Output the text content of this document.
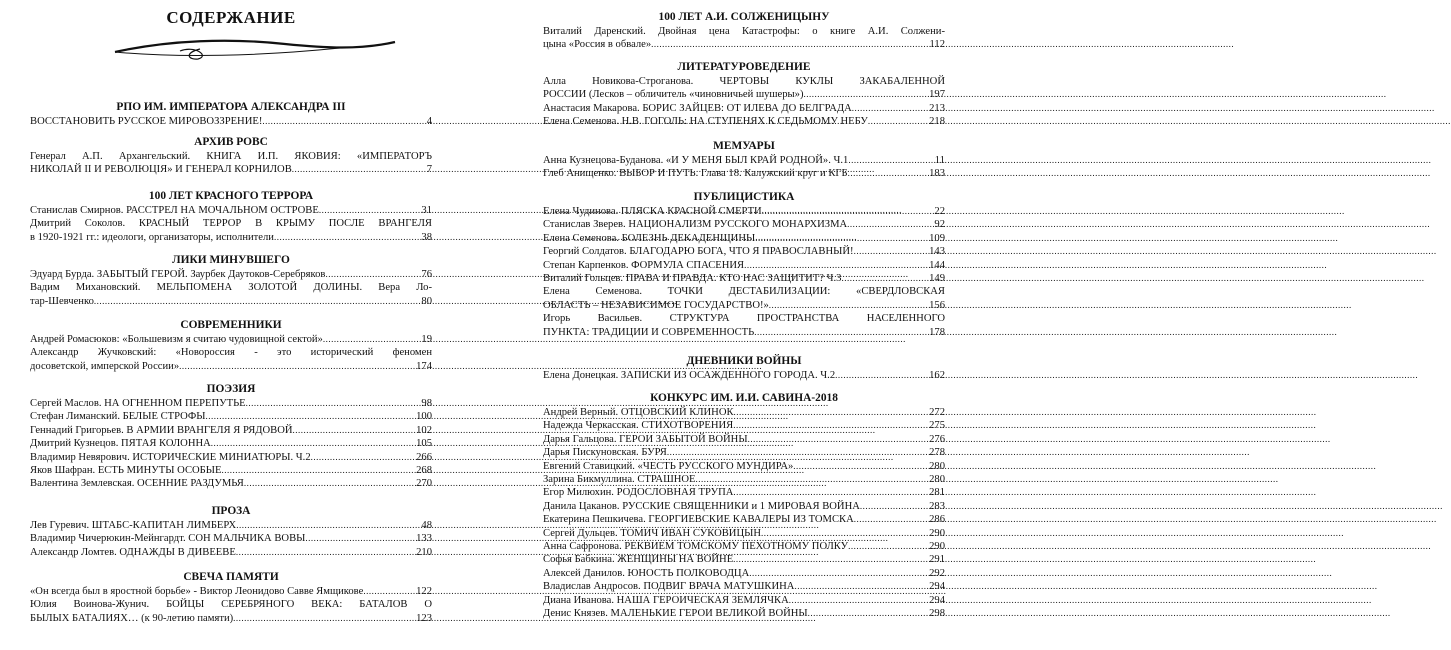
СОДЕРЖАНИЕ
РПО ИМ. ИМПЕРАТОРА АЛЕКСАНДРА III
ВОССТАНОВИТЬ РУССКОЕ МИРОВОЗЗРЕНИЕ! .....	4
АРХИВ РОВС
Генерал А.П. Архангельский. КНИГА И.П. ЯКОВИЯ: «ИМПЕРАТОРЪ
НИКОЛАЙ II И РЕВОЛЮЦІЯ» И ГЕНЕРАЛ КОРНИЛОВ .....	7
100 ЛЕТ КРАСНОГО ТЕРРОРА
Станислав Смирнов. РАССТРЕЛ НА МОЧАЛЬНОМ ОСТРОВЕ .....	31
Дмитрий Соколов. КРАСНЫЙ ТЕРРОР В КРЫМУ ПОСЛЕ ВРАНГЕЛЯ
в 1920-1921 гг.: идеологи, организаторы, исполнители .....	38
ЛИКИ МИНУВШЕГО
Эдуард Бурда. ЗАБЫТЫЙ ГЕРОЙ. Заурбек Даутоков-Серебряков .....	76
Вадим Михановский. МЕЛЬПОМЕНА ЗОЛОТОЙ ДОЛИНЫ. Вера Ло-
тар-Шевченко .....	80
СОВРЕМЕННИКИ
Андрей Ромасюков: «Большевизм я считаю чудовищной сектой» .....	19
Александр Жучковский: «Новороссия - это исторический феномен
досоветской, имперской России» .....	174
ПОЭЗИЯ
Сергей Маслов. НА ОГНЕННОМ ПЕРЕПУТЬЕ .....	98
Стефан Лиманский. БЕЛЫЕ СТРОФЫ .....	100
Геннадий Григорьев. В АРМИИ ВРАНГЕЛЯ Я РЯДОВОЙ .....	102
Дмитрий Кузнецов. ПЯТАЯ КОЛОННА .....	105
Владимир Невярович. ИСТОРИЧЕСКИЕ МИНИАТЮРЫ. Ч.2 .....	266
Яков Шафран. ЕСТЬ МИНУТЫ ОСОБЫЕ .....	268
Валентина Землевская. ОСЕННИЕ РАЗДУМЬЯ .....	270
ПРОЗА
Лев Гуревич. ШТАБС-КАПИТАН ЛИМБЕРХ .....	48
Владимир Чичерюкин-Мейнгардт. СОН МАЛЬЧИКА ВОВЫ .....	133
Александр Ломтев. ОДНАЖДЫ В ДИВЕЕВЕ .....	210
СВЕЧА ПАМЯТИ
«Он всегда был в яростной борьбе» - Виктор Леонидово Савве Ямщикове .....	122
Юлия Воинова-Жунич. БОЙЦЫ СЕРЕБРЯНОГО ВЕКА: БАТАЛОВ О
БЫЛЫХ БАТАЛИЯХ… (к 90-летию памяти) .....	123
100 ЛЕТ А.И. СОЛЖЕНИЦЫНУ
Виталий Даренский. Двойная цена Катастрофы: о книге А.И. Солжени-
цына «Россия в обвале» .....	112
ЛИТЕРАТУРОВЕДЕНИЕ
Алла Новикова-Строганова. ЧЕРТОВЫ КУКЛЫ ЗАКАБАЛЕННОЙ
РОССИИ (Лесков – обличитель «чиновничьей шушеры») .....	197
Анастасия Макарова. БОРИС ЗАЙЦЕВ: ОТ ИЛЕВА ДО БЕЛГРАДА .....	213
Елена Семенова. Н.В. ГОГОЛЬ: НА СТУПЕНЯХ К СЕДЬМОМУ НЕБУ .....	218
МЕМУАРЫ
Анна Кузнецова-Буданова. «И У МЕНЯ БЫЛ КРАЙ РОДНОЙ». Ч.1 .....	11
Глеб Анищенко. ВЫБОР И ПУТЬ. Глава 18. Калужский круг и КГБ .....	183
ПУБЛИЦИСТИКА
Елена Чудинова. ПЛЯСКА КРАСНОЙ СМЕРТИ .....	22
Станислав Зверев. НАЦИОНАЛИЗМ РУССКОГО МОНАРХИЗМА .....	92
Елена Семенова. БОЛЕЗНЬ ДЕКАДЕНЩИНЫ .....	109
Георгий Солдатов. БЛАГОДАРЮ БОГА, ЧТО Я ПРАВОСЛАВНЫЙ! .....	143
Степан Карпенков. ФОРМУЛА СПАСЕНИЯ .....	144
Виталий Гольцев. ПРАВА И ПРАВДА. КТО НАС ЗАЩИТИТ? Ч.3 .....	149
Елена Семенова. ТОЧКИ ДЕСТАБИЛИЗАЦИИ: «СВЕРДЛОВСКАЯ
ОБЛАСТЬ – НЕЗАВИСИМОЕ ГОСУДАРСТВО!» .....	156
Игорь Васильев. СТРУКТУРА ПРОСТРАНСТВА НАСЕЛЕННОГО
ПУНКТА: ТРАДИЦИИ И СОВРЕМЕННОСТЬ .....	178
ДНЕВНИКИ ВОЙНЫ
Елена Донецкая. ЗАПИСКИ ИЗ ОСАЖДЕННОГО ГОРОДА. Ч.2 .....	162
КОНКУРС ИМ. И.И. САВИНА-2018
Андрей Верный. ОТЦОВСКИЙ КЛИНОК .....	272
Надежда Черкасская. СТИХОТВОРЕНИЯ .....	275
Дарья Гальцова. ГЕРОИ ЗАБЫТОЙ ВОЙНЫ .....	276
Дарья Пискуновская. БУРЯ .....	278
Евгений Ставицкий. «ЧЕСТЬ РУССКОГО МУНДИРА» .....	280
Зарина Бикмуллина. СТРАШНОЕ .....	280
Егор Милюхин. РОДОСЛОВНАЯ ТРУПА .....	281
Данила Цаканов. РУССКИЕ СВЯЩЕННИКИ и 1 МИРОВАЯ ВОЙНА .....	283
Екатерина Пешкичева. ГЕОРГИЕВСКИЕ КАВАЛЕРЫ ИЗ ТОМСКА .....	286
Сергей Дульцев. ТОМИЧ ИВАН СУКОВИЦЫН .....	290
Анна Сафронова. РЕКВИЕМ ТОМСКОМУ ПЕХОТНОМУ ПОЛКУ .....	290
Софья Бабкина. ЖЕНЩИНЫ НА ВОЙНЕ .....	291
Алексей Данилов. ЮНОСТЬ ПОЛКОВОДЦА .....	292
Владислав Андросов. ПОДВИГ ВРАЧА МАТУШКИНА .....	294
Диана Иванова. НАША ГЕРОИЧЕСКАЯ ЗЕМЛЯЧКА .....	294
Денис Князев. МАЛЕНЬКИЕ ГЕРОИ ВЕЛИКОЙ ВОЙНЫ .....	298
